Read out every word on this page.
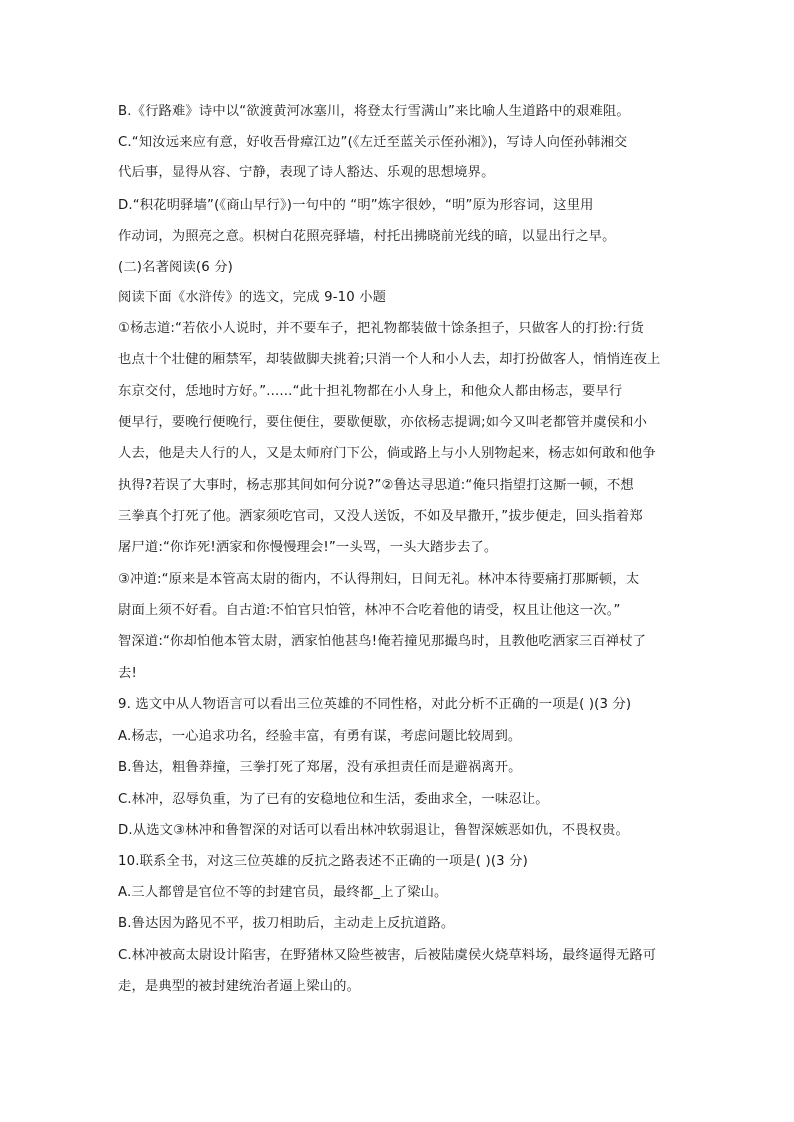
B.《行路难》诗中以“欲渡黄河冰塞川，将登太行雪满山”来比喻人生道路中的艰难阻。
C.“知汝远来应有意，好收吾骨瘴江边”(《左迁至蓝关示侄孙湘》)，写诗人向侄孙韩湘交
代后事，显得从容、宁静，表现了诗人豁达、乐观的思想境界。
D.“积花明驿墙”(《商山早行》)一句中的 “明”炼字很妙，“明”原为形容词，这里用
作动词，为照亮之意。枳树白花照亮驿墙，村托出拂晓前光线的暗，以显出行之早。
(二)名著阅读(6 分)
阅读下面《水浒传》的选文，完成 9-10 小题
①杨志道:“若依小人说时，并不要车子，把礼物都装做十馀条担子，只做客人的打扮:行货
也点十个壮健的厢禁军，却装做脚夫挑着;只消一个人和小人去，却打扮做客人，悄悄连夜上
东京交付，恁地时方好。”......“此十担礼物都在小人身上，和他众人都由杨志，要早行
便早行，要晚行便晚行，要住便住，要歇便歇，亦依杨志提调;如今又叫老都管并虞侯和小
人去，他是夫人行的人，又是太师府门下公，倘或路上与小人别物起来，杨志如何敢和他争
执得?若误了大事时，杨志那其间如何分说?”②鲁达寻思道:“俺只指望打这厮一顿，不想
三拳真个打死了他。洒家须吃官司，又没人送饭，不如及早撒开，”拔步便走，回头指着郑
屠尸道:“你诈死!洒家和你慢慢理会!”一头骂，一头大踏步去了。
③冲道:“原来是本管高太尉的衙内，不认得荆妇，日间无礼。林冲本待要痛打那厮顿，太
尉面上须不好看。自古道:不怕官只怕管，林冲不合吃着他的请受，权且让他这一次。”
智深道:“你却怕他本管太尉，洒家怕他甚鸟!俺若撞见那撮鸟时，且教他吃洒家三百禅杖了
去!
9. 选文中从人物语言可以看出三位英雄的不同性格，对此分析不正确的一项是( )(3 分)
A.杨志，一心追求功名，经验丰富，有勇有谋，考虑问题比较周到。
B.鲁达，粗鲁莽撞，三拳打死了郑屠，没有承担责任而是避祸离开。
C.林冲，忍辱负重，为了已有的安稳地位和生活，委曲求全，一味忍让。
D.从选文③林冲和鲁智深的对话可以看出林冲软弱退让，鲁智深嫉恶如仇，不畏权贵。
10.联系全书，对这三位英雄的反抗之路表述不正确的一项是( )(3 分)
A.三人都曾是官位不等的封建官员，最终都_上了梁山。
B.鲁达因为路见不平，拔刀相助后，主动走上反抗道路。
C.林冲被高太尉设计陷害，在野猪林又险些被害，后被陆虞侯火烧草料场，最终逼得无路可
走，是典型的被封建统治者逼上梁山的。
